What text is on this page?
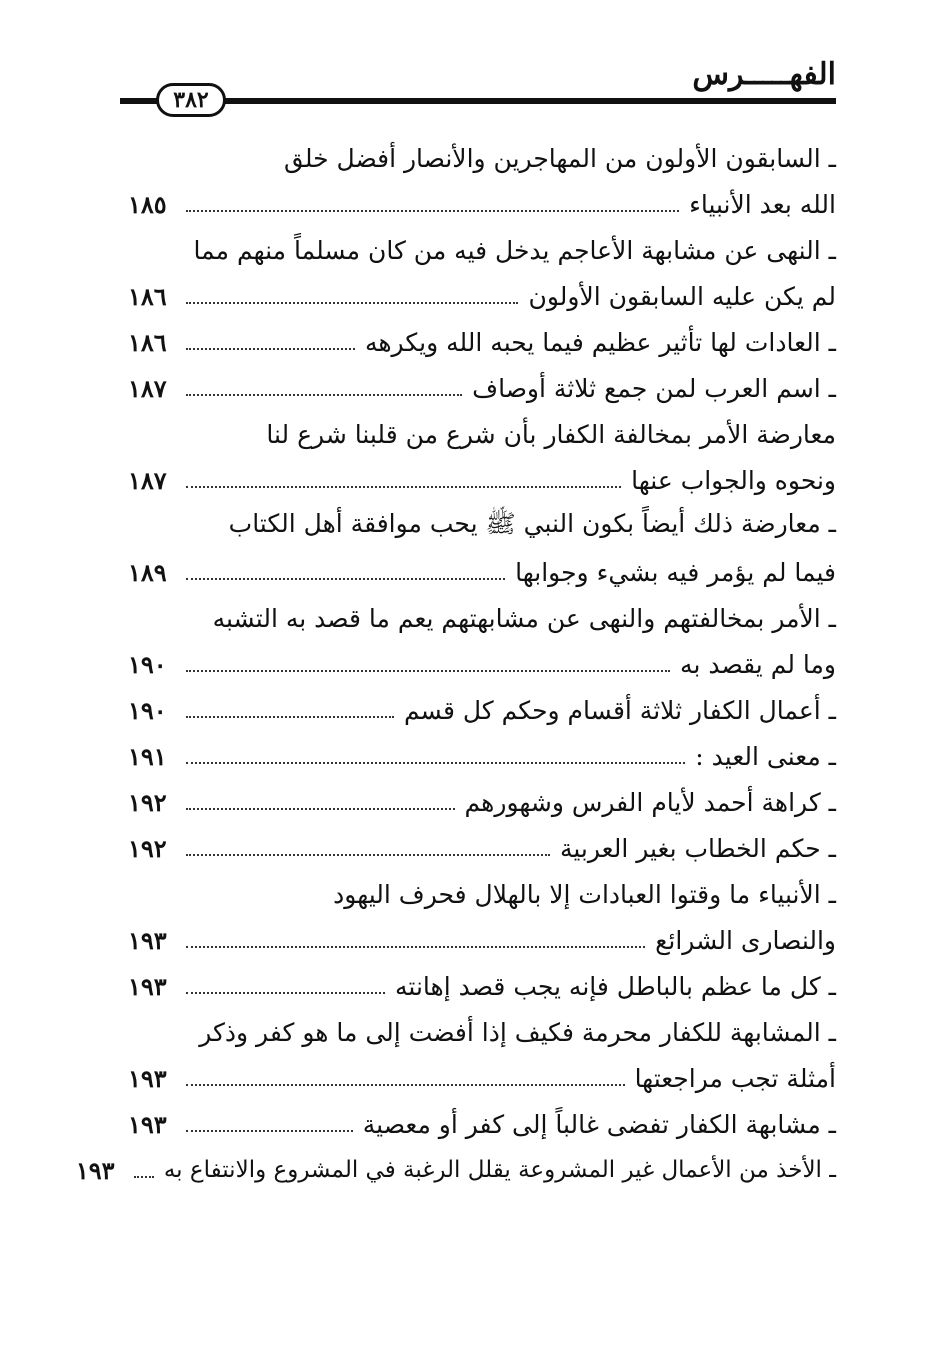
الفهـــــرس
٣٨٢
ـ السابقون الأولون من المهاجرين والأنصار أفضل خلق
الله بعد الأنبياء
١٨٥
ـ النهى عن مشابهة الأعاجم يدخل فيه من كان مسلماً منهم مما
لم يكن عليه السابقون الأولون
١٨٦
ـ العادات لها تأثير عظيم فيما يحبه الله ويكرهه
١٨٦
ـ اسم العرب لمن جمع ثلاثة أوصاف
١٨٧
معارضة الأمر بمخالفة الكفار بأن شرع من قلبنا شرع لنا
ونحوه والجواب عنها
١٨٧
ـ معارضة ذلك أيضاً بكون النبي ﷺ يحب موافقة أهل الكتاب
فيما لم يؤمر فيه بشيء وجوابها
١٨٩
ـ الأمر بمخالفتهم والنهى عن مشابهتهم يعم ما قصد به التشبه
وما لم يقصد به
١٩٠
ـ أعمال الكفار ثلاثة أقسام وحكم كل قسم
١٩٠
ـ معنى العيد :
١٩١
ـ كراهة أحمد لأيام الفرس وشهورهم
١٩٢
ـ حكم الخطاب بغير العربية
١٩٢
ـ الأنبياء ما وقتوا العبادات إلا بالهلال فحرف اليهود
والنصارى الشرائع
١٩٣
ـ كل ما عظم بالباطل فإنه يجب قصد إهانته
١٩٣
ـ المشابهة للكفار محرمة فكيف إذا أفضت إلى ما هو كفر وذكر
أمثلة تجب مراجعتها
١٩٣
ـ مشابهة الكفار تفضى غالباً إلى كفر أو معصية
١٩٣
ـ الأخذ من الأعمال غير المشروعة يقلل الرغبة في المشروع والانتفاع به
١٩٣
